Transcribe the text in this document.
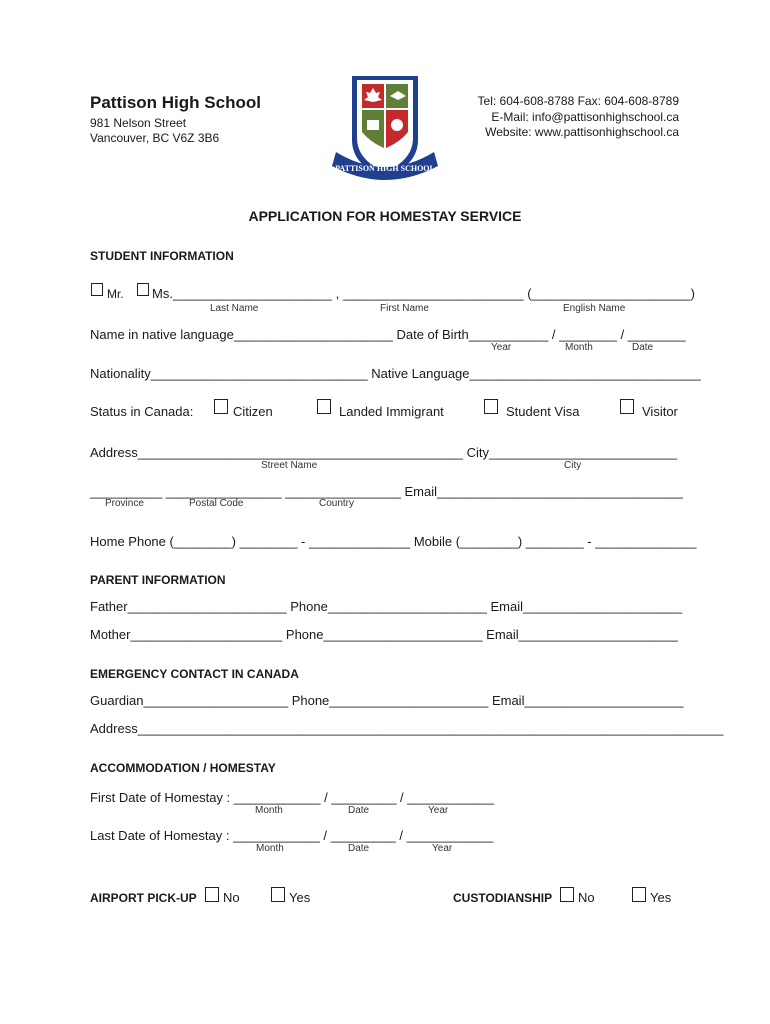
Pattison High School
981 Nelson Street
Vancouver, BC V6Z 3B6
Tel: 604-608-8788 Fax: 604-608-8789
E-Mail: info@pattisonhighschool.ca
Website: www.pattisonhighschool.ca
PATTISON HIGH SCHOOL
APPLICATION FOR HOMESTAY SERVICE
STUDENT INFORMATION
Mr. Ms.______________________ , _________________________ (______________________)
Last Name	First Name	English Name
Name in native language______________________ Date of Birth___________ / ________ / ________
Year	Month	Date
Nationality______________________________ Native Language________________________________
Status in Canada:	Citizen	Landed Immigrant	Student Visa	Visitor
Address_____________________________________________ City__________________________
Street Name	City
__________ ________________ ________________ Email__________________________________
Province	Postal Code	Country
Home Phone (________) ________ - ______________ Mobile (________) ________ - ______________
PARENT INFORMATION
Father______________________ Phone______________________ Email______________________
Mother_____________________ Phone______________________ Email______________________
EMERGENCY CONTACT IN CANADA
Guardian____________________ Phone______________________ Email______________________
Address_________________________________________________________________________________
ACCOMMODATION / HOMESTAY
First Date of Homestay : ____________ / _________ / ____________
Month	Date	Year
Last Date of Homestay : ____________ / _________ / ____________
Month	Date	Year
AIRPORT PICK-UP No	Yes	CUSTODIANSHIP No	Yes
